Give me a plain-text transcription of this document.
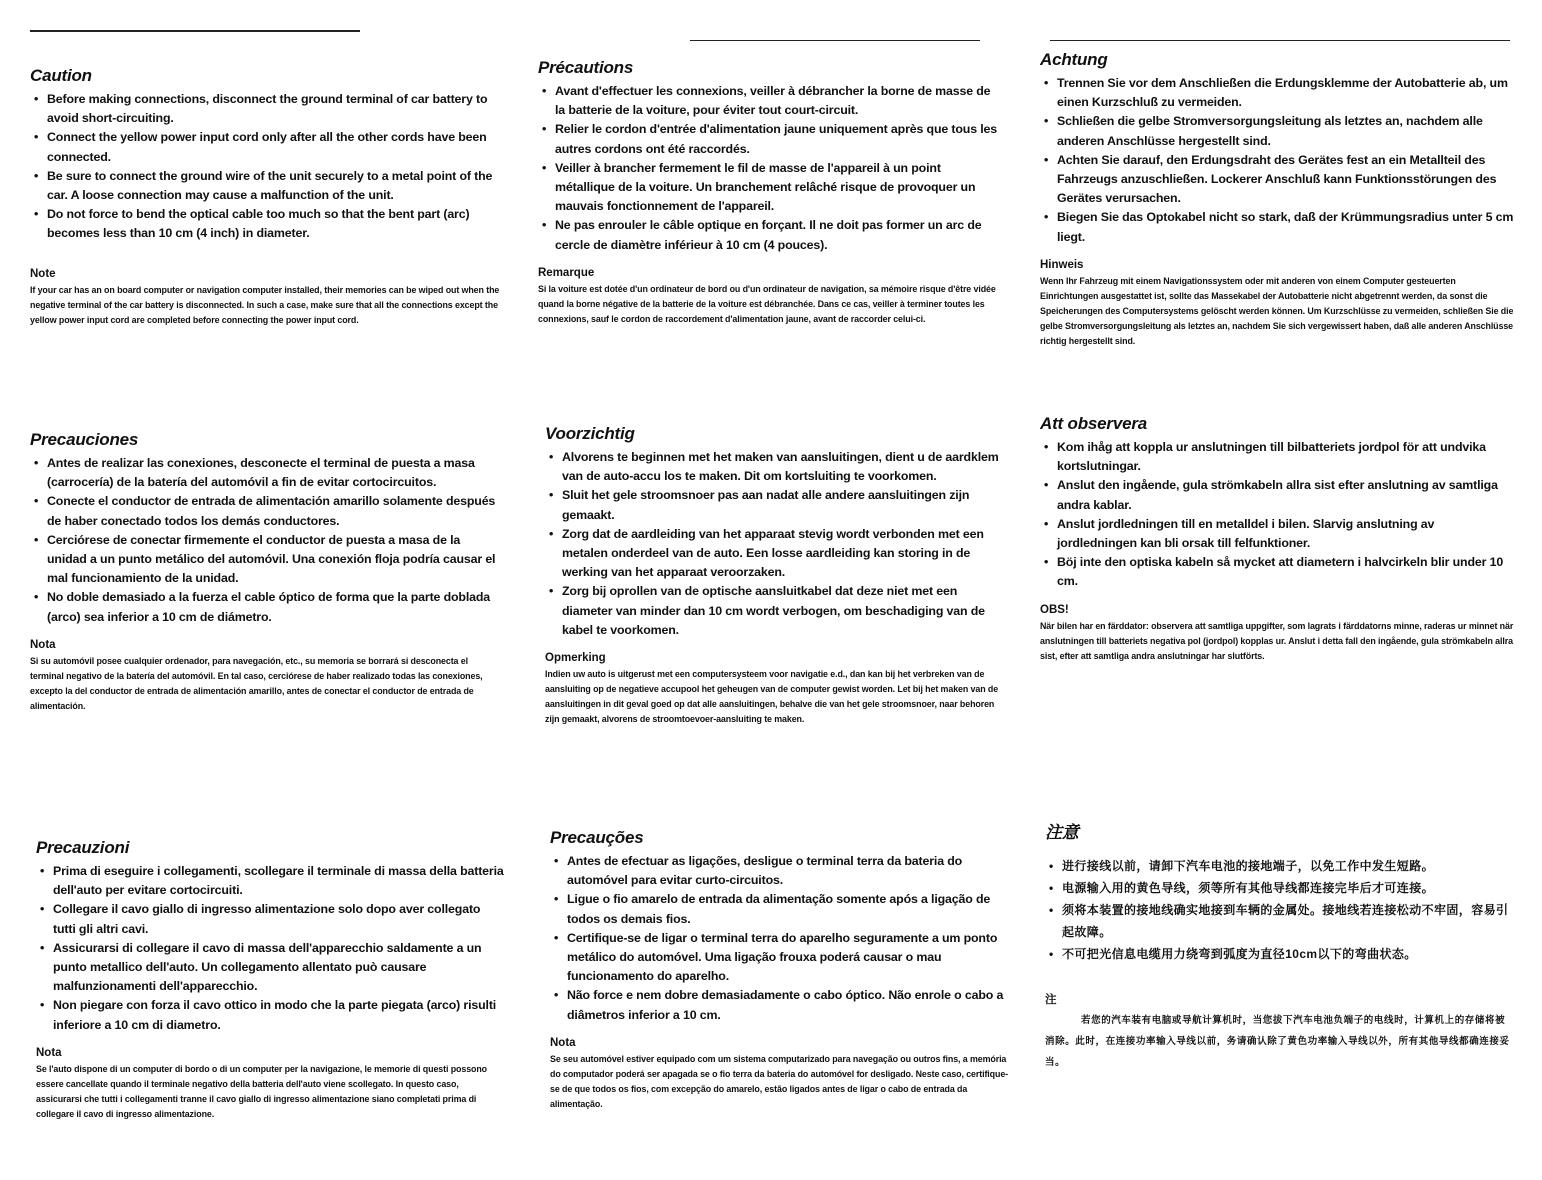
Caution
• Before making connections, disconnect the ground terminal of car battery to avoid short-circuiting.
• Connect the yellow power input cord only after all the other cords have been connected.
• Be sure to connect the ground wire of the unit securely to a metal point of the car. A loose connection may cause a malfunction of the unit.
• Do not force to bend the optical cable too much so that the bent part (arc) becomes less than 10 cm (4 inch) in diameter.
Note

If your car has an on board computer or navigation computer installed, their memories can be wiped out when the negative terminal of the car battery is disconnected. In such a case, make sure that all the connections except the yellow power input cord are completed before connecting the power input cord.

Précautions
• Avant d'effectuer les connexions, veiller à débrancher la borne de masse de la batterie de la voiture, pour éviter tout court-circuit.
• Relier le cordon d'entrée d'alimentation jaune uniquement après que tous les autres cordons ont été raccordés.
• Veiller à brancher fermement le fil de masse de l'appareil à un point métallique de la voiture. Un branchement relâché risque de provoquer un mauvais fonctionnement de l'appareil.
• Ne pas enrouler le câble optique en forçant. Il ne doit pas former un arc de cercle de diamètre inférieur à 10 cm (4 pouces).
Remarque

Si la voiture est dotée d'un ordinateur de bord ou d'un ordinateur de navigation, sa mémoire risque d'être vidée quand la borne négative de la batterie de la voiture est débranchée. Dans ce cas, veiller à terminer toutes les connexions, sauf le cordon de raccordement d'alimentation jaune, avant de raccorder celui-ci.

Achtung
• Trennen Sie vor dem Anschließen die Erdungsklemme der Autobatterie ab, um einen Kurzschluß zu vermeiden.
• Schließen die gelbe Stromversorgungsleitung als letztes an, nachdem alle anderen Anschlüsse hergestellt sind.
• Achten Sie darauf, den Erdungsdraht des Gerätes fest an ein Metallteil des Fahrzeugs anzuschließen. Lockerer Anschluß kann Funktionsstörungen des Gerätes verursachen.
• Biegen Sie das Optokabel nicht so stark, daß der Krümmungsradius unter 5 cm liegt.
Hinweis

Wenn Ihr Fahrzeug mit einem Navigationssystem oder mit anderen von einem Computer gesteuerten Einrichtungen ausgestattet ist, sollte das Massekabel der Autobatterie nicht abgetrennt werden, da sonst die Speicherungen des Computersystems gelöscht werden können. Um Kurzschlüsse zu vermeiden, schließen Sie die gelbe Stromversorgungsleitung als letztes an, nachdem Sie sich vergewissert haben, daß alle anderen Anschlüsse richtig hergestellt sind.

Precauciones
• Antes de realizar las conexiones, desconecte el terminal de puesta a masa (carrocería) de la batería del automóvil a fin de evitar cortocircuitos.
• Conecte el conductor de entrada de alimentación amarillo solamente después de haber conectado todos los demás conductores.
• Cerciórese de conectar firmemente el conductor de puesta a masa de la unidad a un punto metálico del automóvil. Una conexión floja podría causar el mal funcionamiento de la unidad.
• No doble demasiado a la fuerza el cable óptico de forma que la parte doblada (arco) sea inferior a 10 cm de diámetro.
Nota

Si su automóvil posee cualquier ordenador, para navegación, etc., su memoria se borrará si desconecta el terminal negativo de la batería del automóvil. En tal caso, cerciórese de haber realizado todas las conexiones, excepto la del conductor de entrada de alimentación amarillo, antes de conectar el conductor de entrada de alimentación.

Voorzichtig
• Alvorens te beginnen met het maken van aansluitingen, dient u de aardklem van de auto-accu los te maken. Dit om kortsluiting te voorkomen.
• Sluit het gele stroomsnoer pas aan nadat alle andere aansluitingen zijn gemaakt.
• Zorg dat de aardleiding van het apparaat stevig wordt verbonden met een metalen onderdeel van de auto. Een losse aardleiding kan storing in de werking van het apparaat veroorzaken.
• Zorg bij oprollen van de optische aansluitkabel dat deze niet met een diameter van minder dan 10 cm wordt verbogen, om beschadiging van de kabel te voorkomen.
Opmerking

Indien uw auto is uitgerust met een computersysteem voor navigatie e.d., dan kan bij het verbreken van de aansluiting op de negatieve accupool het geheugen van de computer gewist worden. Let bij het maken van de aansluitingen in dit geval goed op dat alle aansluitingen, behalve die van het gele stroomsnoer, naar behoren zijn gemaakt, alvorens de stroomtoevoer-aansluiting te maken.

Att observera
• Kom ihåg att koppla ur anslutningen till bilbatteriets jordpol för att undvika kortslutningar.
• Anslut den ingående, gula strömkabeln allra sist efter anslutning av samtliga andra kablar.
• Anslut jordledningen till en metalldel i bilen. Slarvig anslutning av jordledningen kan bli orsak till felfunktioner.
• Böj inte den optiska kabeln så mycket att diametern i halvcirkeln blir under 10 cm.
OBS!

När bilen har en färddator: observera att samtliga uppgifter, som lagrats i färddatorns minne, raderas ur minnet när anslutningen till batteriets negativa pol (jordpol) kopplas ur. Anslut i detta fall den ingående, gula strömkabeln allra sist, efter att samtliga andra anslutningar har slutförts.

Precauzioni
• Prima di eseguire i collegamenti, scollegare il terminale di massa della batteria dell'auto per evitare cortocircuiti.
• Collegare il cavo giallo di ingresso alimentazione solo dopo aver collegato tutti gli altri cavi.
• Assicurarsi di collegare il cavo di massa dell'apparecchio saldamente a un punto metallico dell'auto. Un collegamento allentato può causare malfunzionamenti dell'apparecchio.
• Non piegare con forza il cavo ottico in modo che la parte piegata (arco) risulti inferiore a 10 cm di diametro.
Nota

Se l'auto dispone di un computer di bordo o di un computer per la navigazione, le memorie di questi possono essere cancellate quando il terminale negativo della batteria dell'auto viene scollegato. In questo caso, assicurarsi che tutti i collegamenti tranne il cavo giallo di ingresso alimentazione siano completati prima di collegare il cavo di ingresso alimentazione.

Precauções
• Antes de efectuar as ligações, desligue o terminal terra da bateria do automóvel para evitar curto-circuitos.
• Ligue o fio amarelo de entrada da alimentação somente após a ligação de todos os demais fios.
• Certifique-se de ligar o terminal terra do aparelho seguramente a um ponto metálico do automóvel. Uma ligação frouxa poderá causar o mau funcionamento do aparelho.
• Não force e nem dobre demasiadamente o cabo óptico. Não enrole o cabo a diâmetros inferior a 10 cm.
Nota

Se seu automóvel estiver equipado com um sistema computarizado para navegação ou outros fins, a memória do computador poderá ser apagada se o fio terra da bateria do automóvel for desligado. Neste caso, certifique-se de que todos os fios, com excepção do amarelo, estão ligados antes de ligar o cabo de entrada da alimentação.

注意
• 进行接线以前，请卸下汽车电池的接地端子，以免工作中发生短路。
• 电源输入用的黄色导线，须等所有其他导线都连接完毕后才可连接。
• 须将本装置的接地线确实地接到车辆的金属处。接地线若连接松动不牢固，容易引起故障。
• 不可把光信息电缆用力绕弯到弧度为直径10cm以下的弯曲状态。
注

若您的汽车装有电脑或导航计算机时，当您拔下汽车电池负端子的电线时，计算机上的存储将被消除。此时，在连接功率输入导线以前，务请确认除了黄色功率输入导线以外，所有其他导线都确连接妥当。
